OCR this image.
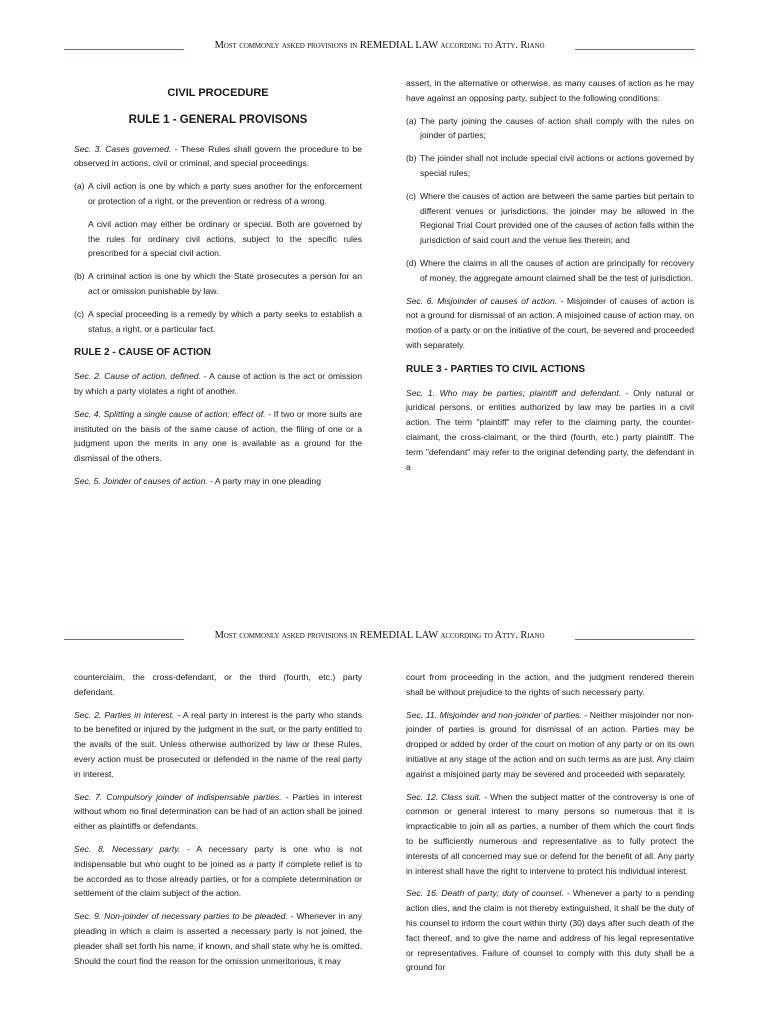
Most commonly asked provisions in REMEDIAL LAW according to Atty. Riano

CIVIL PROCEDURE

RULE 1 - GENERAL PROVISONS

Sec. 3. Cases governed. - These Rules shall govern the procedure to be observed in actions, civil or criminal, and special proceedings.

(a) A civil action is one by which a party sues another for the enforcement or protection of a right, or the prevention or redress of a wrong.

A civil action may either be ordinary or special. Both are governed by the rules for ordinary civil actions, subject to the specific rules prescribed for a special civil action.

(b) A criminal action is one by which the State prosecutes a person for an act or omission punishable by law.

(c) A special proceeding is a remedy by which a party seeks to establish a status, a right, or a particular fact.

RULE 2 - CAUSE OF ACTION

Sec. 2. Cause of action, defined. - A cause of action is the act or omission by which a party violates a right of another.

Sec. 4. Splitting a single cause of action; effect of. - If two or more suits are instituted on the basis of the same cause of action, the filing of one or a judgment upon the merits in any one is available as a ground for the dismissal of the others.

Sec. 5. Joinder of causes of action. - A party may in one pleading

assert, in the alternative or otherwise, as many causes of action as he may have against an opposing party, subject to the following conditions:

(a) The party joining the causes of action shall comply with the rules on joinder of parties;

(b) The joinder shall not include special civil actions or actions governed by special rules;

(c) Where the causes of action are between the same parties but pertain to different venues or jurisdictions, the joinder may be allowed in the Regional Trial Court provided one of the causes of action falls within the jurisdiction of said court and the venue lies therein; and

(d) Where the claims in all the causes of action are principally for recovery of money, the aggregate amount claimed shall be the test of jurisdiction.

Sec. 6. Misjoinder of causes of action. - Misjoinder of causes of action is not a ground for dismissal of an action. A misjoined cause of action may, on motion of a party or on the initiative of the court, be severed and proceeded with separately.

RULE 3 - PARTIES TO CIVIL ACTIONS

Sec. 1. Who may be parties; plaintiff and defendant. - Only natural or juridical persons, or entities authorized by law may be parties in a civil action. The term "plaintiff" may refer to the claiming party, the counter-claimant, the cross-claimant, or the third (fourth, etc.) party plaintiff. The term "defendant" may refer to the original defending party, the defendant in a

Most commonly asked provisions in REMEDIAL LAW according to Atty. Riano

counterclaim, the cross-defendant, or the third (fourth, etc.) party defendant.

Sec. 2. Parties in interest. - A real party in interest is the party who stands to be benefited or injured by the judgment in the suit, or the party entitled to the avails of the suit. Unless otherwise authorized by law or these Rules, every action must be prosecuted or defended in the name of the real party in interest.

Sec. 7. Compulsory joinder of indispensable parties. - Parties in interest without whom no final determination can be had of an action shall be joined either as plaintiffs or defendants.

Sec. 8. Necessary party. - A necessary party is one who is not indispensable but who ought to be joined as a party if complete relief is to be accorded as to those already parties, or for a complete determination or settlement of the claim subject of the action.

Sec. 9. Non-joinder of necessary parties to be pleaded. - Whenever in any pleading in which a claim is asserted a necessary party is not joined, the pleader shall set forth his name, if known, and shall state why he is omitted. Should the court find the reason for the omission unmeritorious, it may

court from proceeding in the action, and the judgment rendered therein shall be without prejudice to the rights of such necessary party.

Sec. 11. Misjoinder and non-joinder of parties. - Neither misjoinder nor non-joinder of parties is ground for dismissal of an action. Parties may be dropped or added by order of the court on motion of any party or on its own initiative at any stage of the action and on such terms as are just. Any claim against a misjoined party may be severed and proceeded with separately.

Sec. 12. Class suit. - When the subject matter of the controversy is one of common or general interest to many persons so numerous that it is impracticable to join all as parties, a number of them which the court finds to be sufficiently numerous and representative as to fully protect the interests of all concerned may sue or defend for the benefit of all. Any party in interest shall have the right to intervene to protect his individual interest.

Sec. 16. Death of party; duty of counsel. - Whenever a party to a pending action dies, and the claim is not thereby extinguished, it shall be the duty of his counsel to inform the court within thirty (30) days after such death of the fact thereof, and to give the name and address of his legal representative or representatives. Failure of counsel to comply with this duty shall be a ground for
